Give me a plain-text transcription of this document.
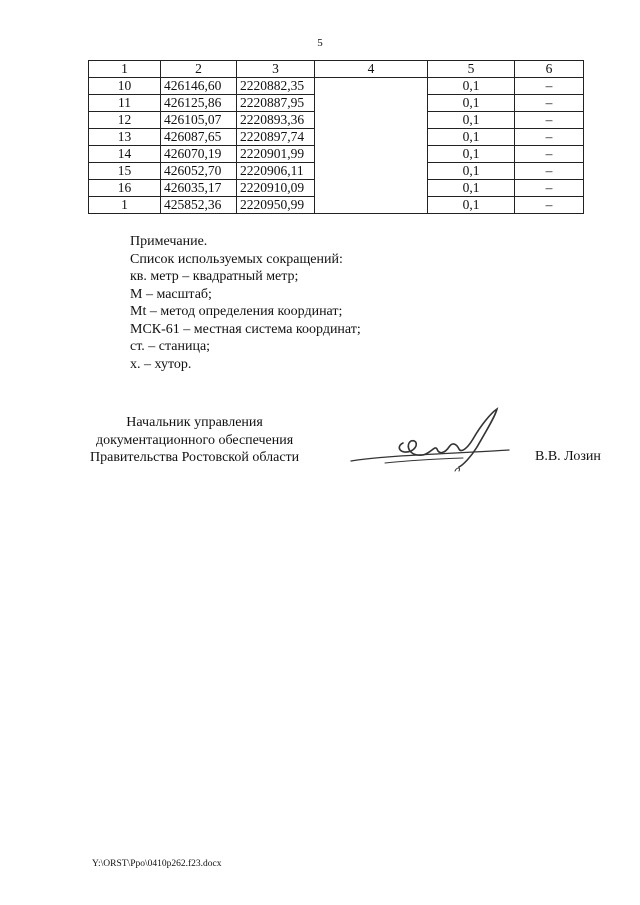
5
1	2	3	4	5	6
10	426146,60	2220882,35		0,1	–
11	426125,86	2220887,95		0,1	–
12	426105,07	2220893,36		0,1	–
13	426087,65	2220897,74		0,1	–
14	426070,19	2220901,99		0,1	–
15	426052,70	2220906,11		0,1	–
16	426035,17	2220910,09		0,1	–
1	425852,36	2220950,99		0,1	–
Примечание.
Список используемых сокращений:
кв. метр – квадратный метр;
М – масштаб;
Mt – метод определения координат;
МСК-61 – местная система координат;
ст. – станица;
х. – хутор.
Начальник управления
документационного обеспечения
Правительства Ростовской области	В.В. Лозин
Y:\ORST\Ppo\0410p262.f23.docx
